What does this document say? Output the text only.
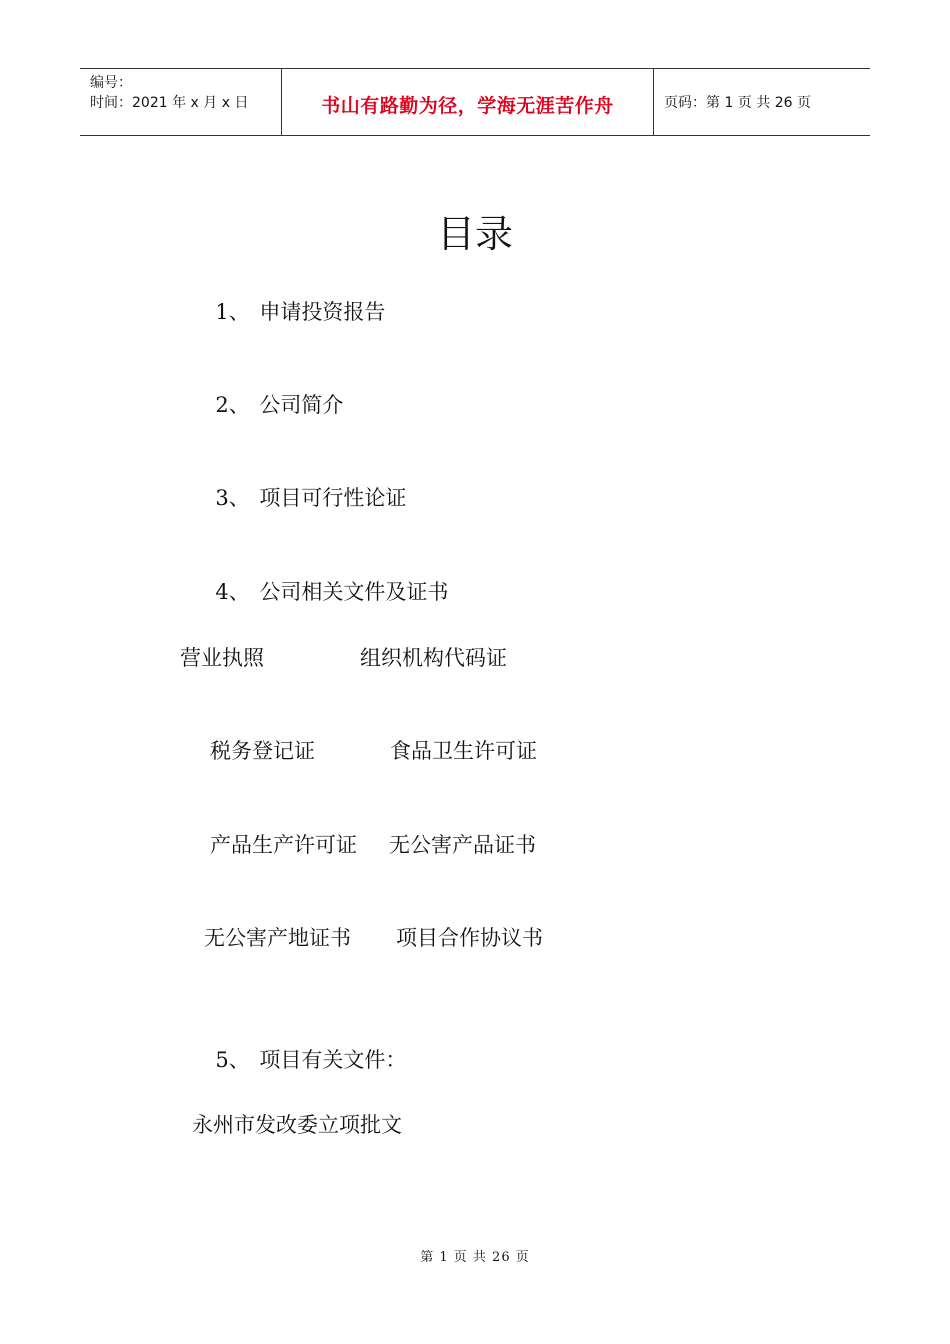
编号：
时间：2021 年 x 月 x 日	书山有路勤为径，学海无涯苦作舟	页码：第 1 页 共 26 页
目录

1、 申请投资报告

2、 公司简介

3、 项目可行性论证

4、 公司相关文件及证书

营业执照	组织机构代码证
税务登记证	食品卫生许可证
产品生产许可证 无公害产品证书
无公害产地证书 项目合作协议书

5、 项目有关文件：

永州市发改委立项批文
第 1 页 共 26 页
